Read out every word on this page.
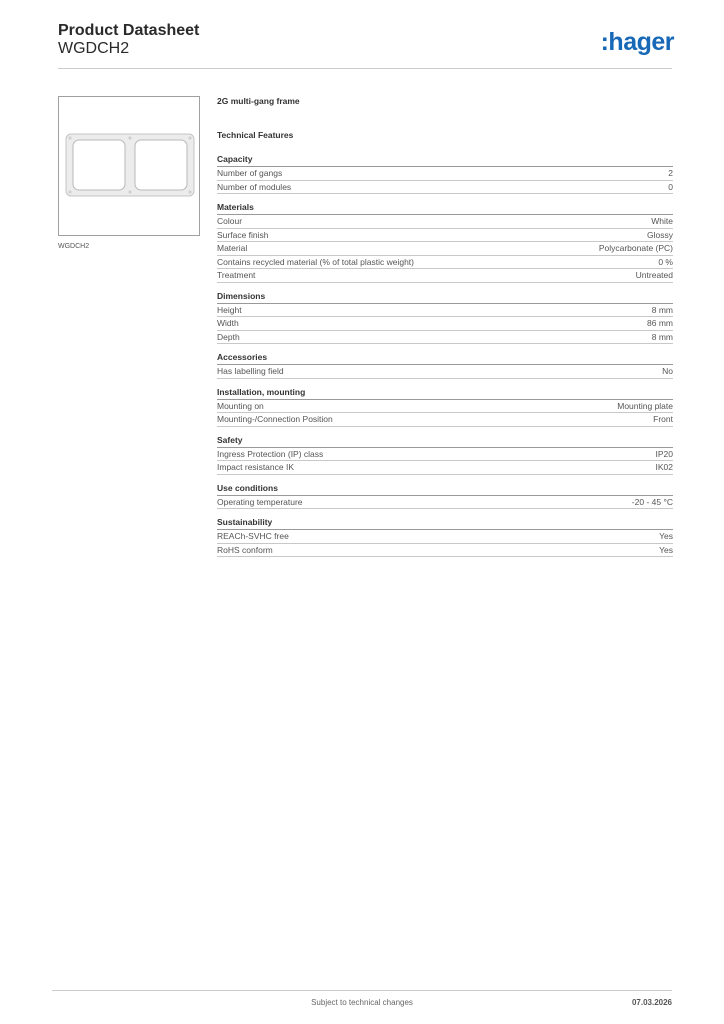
Product Datasheet
WGDCH2	:hager
WGDCH2
2G multi-gang frame
Technical Features
Capacity
Number of gangs	2
Number of modules	0
Materials
Colour	White
Surface finish	Glossy
Material	Polycarbonate (PC)
Contains recycled material (% of total plastic weight)	0 %
Treatment	Untreated
Dimensions
Height	8 mm
Width	86 mm
Depth	8 mm
Accessories
Has labelling field	No
Installation, mounting
Mounting on	Mounting plate
Mounting-/Connection Position	Front
Safety
Ingress Protection (IP) class	IP20
Impact resistance IK	IK02
Use conditions
Operating temperature	-20 - 45 °C
Sustainability
REACh-SVHC free	Yes
RoHS conform	Yes
Subject to technical changes	07.03.2026
